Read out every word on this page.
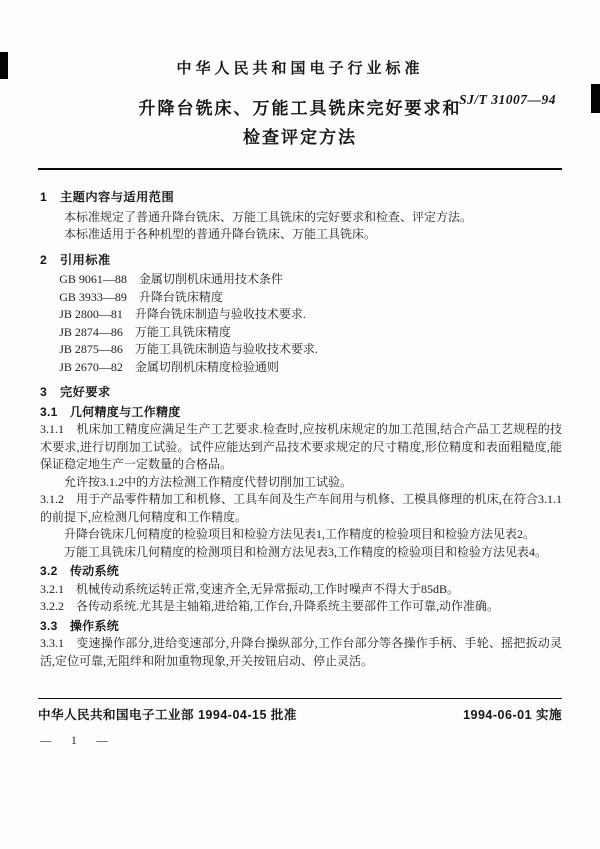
中华人民共和国电子行业标准
SJ/T 31007—94
升降台铣床、万能工具铣床完好要求和
检查评定方法
1　主题内容与适用范围
本标准规定了普通升降台铣床、万能工具铣床的完好要求和检查、评定方法。
本标准适用于各种机型的普通升降台铣床、万能工具铣床。
2　引用标准
GB 9061—88　金属切削机床通用技术条件
GB 3933—89　升降台铣床精度
JB 2800—81　升降台铣床制造与验收技术要求.
JB 2874—86　万能工具铣床精度
JB 2875—86　万能工具铣床制造与验收技术要求.
JB 2670—82　金属切削机床精度检验通则
3　完好要求
3.1　几何精度与工作精度
3.1.1　机床加工精度应满足生产工艺要求.检查时,应按机床规定的加工范围,结合产品工艺规程的技术要求,进行切削加工试验。试件应能达到产品技术要求规定的尺寸精度,形位精度和表面粗糙度,能保证稳定地生产一定数量的合格品。
允许按3.1.2中的方法检测工作精度代替切削加工试验。
3.1.2　用于产品零件精加工和机修、工具车间及生产车间用与机修、工模具修理的机床,在符合3.1.1的前提下,应检测几何精度和工作精度。
升降台铣床几何精度的检验项目和检验方法见表1,工作精度的检验项目和检验方法见表2。
万能工具铣床几何精度的检测项目和检测方法见表3,工作精度的检验项目和检验方法见表4。
3.2　传动系统
3.2.1　机械传动系统运转正常,变速齐全,无异常振动,工作时噪声不得大于85dB。
3.2.2　各传动系统.尤其是主轴箱,进给箱,工作台,升降系统主要部件工作可靠,动作准确。
3.3　操作系统
3.3.1　变速操作部分,进给变速部分,升降台操纵部分,工作台部分等各操作手柄、手轮、摇把扳动灵活,定位可靠,无阻绊和附加重物现象,开关按钮启动、停止灵活。
中华人民共和国电子工业部 1994-04-15 批准	1994-06-01 实施
—　1　—
